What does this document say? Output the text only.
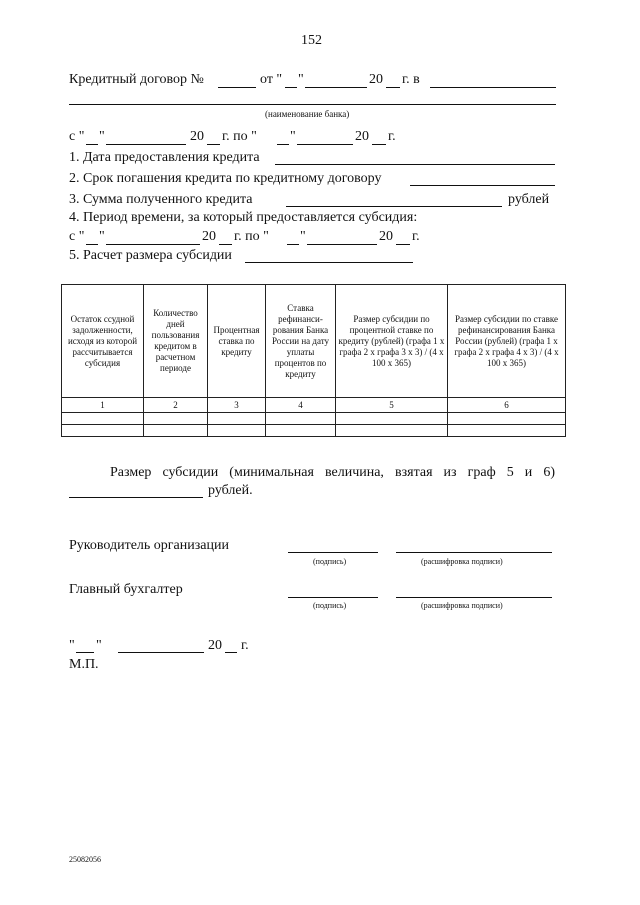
152
Кредитный договор №	от " "	20 г. в
(наименование банка)
с " "	20 г. по " "	20 г.
1. Дата предоставления кредита
2. Срок погашения кредита по кредитному договору
3. Сумма полученного кредита	рублей
4. Период времени, за который предоставляется субсидия:
с " "	20 г. по " "	20 г.
5. Расчет размера субсидии
Остаток ссудной задолженности, исходя из которой рассчитывается субсидия	Количество дней пользования кредитом в расчетном периоде	Процентная ставка по кредиту	Ставка рефинанси-рования Банка России на дату уплаты процентов по кредиту	Размер субсидии по процентной ставке по кредиту (рублей) (графа 1 x графа 2 x графа 3 x 3) / (4 x 100 x 365)	Размер субсидии по ставке рефинансирования Банка России (рублей) (графа 1 x графа 2 x графа 4 x 3) / (4 x 100 x 365)
1	2	3	4	5	6

Размер субсидии (минимальная величина, взятая из граф 5 и 6)
рублей.
Руководитель организации
(подпись)	(расшифровка подписи)
Главный бухгалтер
(подпись)	(расшифровка подписи)
" "	20 г.
М.П.
25082056
